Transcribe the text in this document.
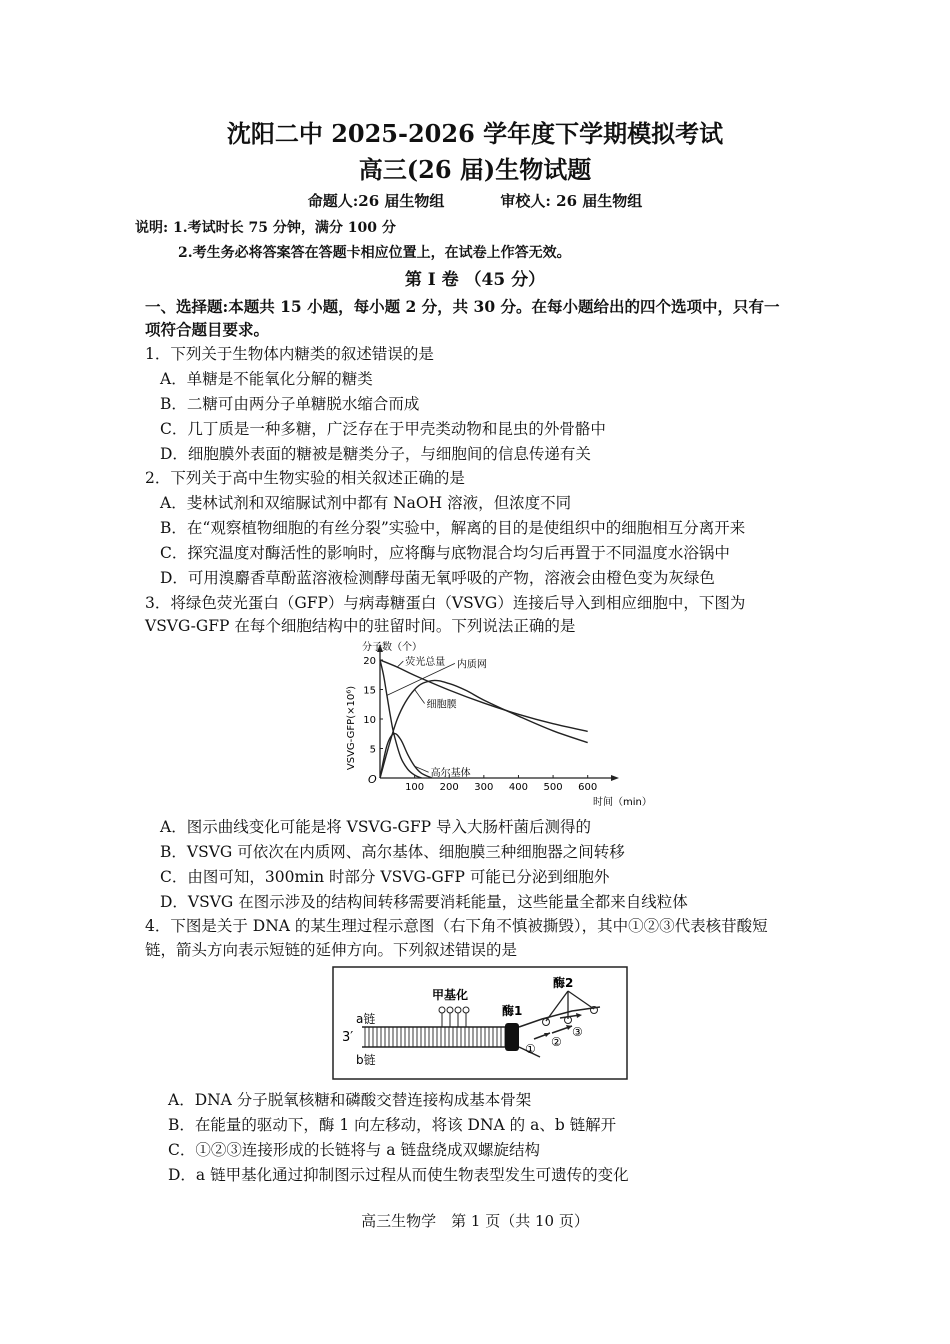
沈阳二中 2025-2026 学年度下学期模拟考试
高三(26 届)生物试题
命题人:26 届生物组	审校人: 26 届生物组
说明: 1.考试时长 75 分钟，满分 100 分
2.考生务必将答案答在答题卡相应位置上，在试卷上作答无效。
第 I 卷 （45 分）
一、选择题:本题共 15 小题，每小题 2 分，共 30 分。在每小题给出的四个选项中，只有一
项符合题目要求。
1．下列关于生物体内糖类的叙述错误的是
A．单糖是不能氧化分解的糖类
B．二糖可由两分子单糖脱水缩合而成
C．几丁质是一种多糖，广泛存在于甲壳类动物和昆虫的外骨骼中
D．细胞膜外表面的糖被是糖类分子，与细胞间的信息传递有关
2．下列关于高中生物实验的相关叙述正确的是
A．斐林试剂和双缩脲试剂中都有 NaOH 溶液，但浓度不同
B．在“观察植物细胞的有丝分裂”实验中，解离的目的是使组织中的细胞相互分离开来
C．探究温度对酶活性的影响时，应将酶与底物混合均匀后再置于不同温度水浴锅中
D．可用溴麝香草酚蓝溶液检测酵母菌无氧呼吸的产物，溶液会由橙色变为灰绿色
3．将绿色荧光蛋白（GFP）与病毒糖蛋白（VSVG）连接后导入到相应细胞中，下图为
VSVG-GFP 在每个细胞结构中的驻留时间。下列说法正确的是
100 200 300 400 500 600
5
10
15
20
O
分子数（个）
VSVG-GFP(×10⁶)
时间（min）
荧光总量 内质网
细胞膜
高尔基体
A．图示曲线变化可能是将 VSVG-GFP 导入大肠杆菌后测得的
B．VSVG 可依次在内质网、高尔基体、细胞膜三种细胞器之间转移
C．由图可知，300min 时部分 VSVG-GFP 可能已分泌到细胞外
D．VSVG 在图示涉及的结构间转移需要消耗能量，这些能量全都来自线粒体
4．下图是关于 DNA 的某生理过程示意图（右下角不慎被撕毁），其中①②③代表核苷酸短
链，箭头方向表示短链的延伸方向。下列叙述错误的是
3′
a链
b链
甲基化
酶1
酶2
① ②
③
A．DNA 分子脱氧核糖和磷酸交替连接构成基本骨架
B．在能量的驱动下，酶 1 向左移动，将该 DNA 的 a、b 链解开
C．①②③连接形成的长链将与 a 链盘绕成双螺旋结构
D．a 链甲基化通过抑制图示过程从而使生物表型发生可遗传的变化
高三生物学　第 1 页（共 10 页）
